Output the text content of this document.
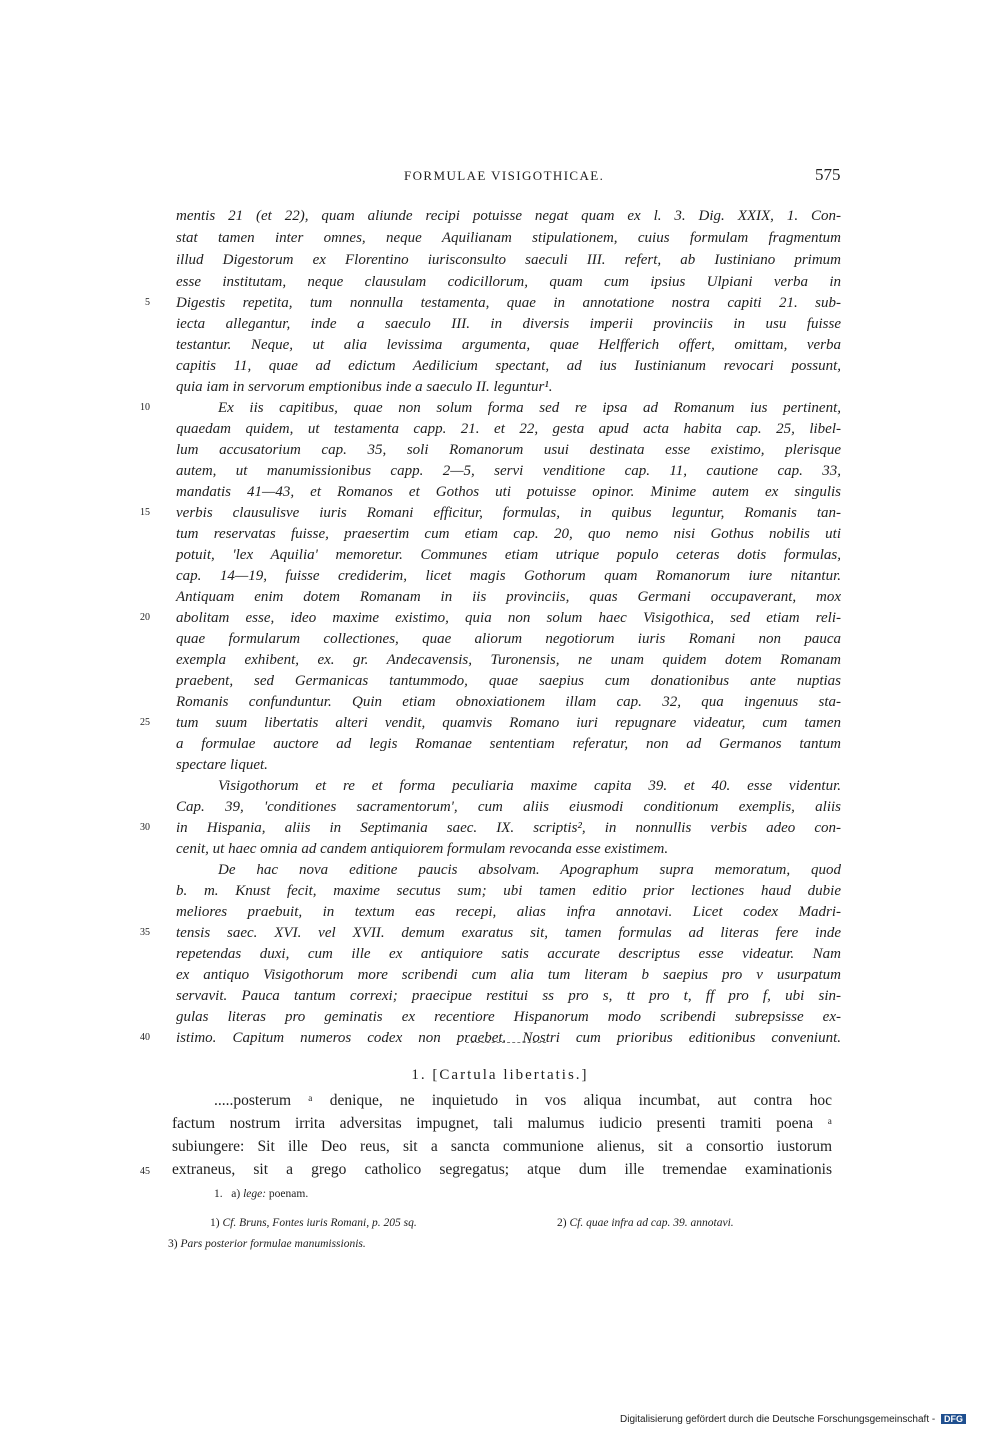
FORMULAE VISIGOTHICAE.	575
mentis 21 (et 22), quam aliunde recipi potuisse negat quam ex l. 3. Dig. XXIX, 1. Con-
stat tamen inter omnes, neque Aquilianam stipulationem, cuius formulam fragmentum
illud Digestorum ex Florentino iurisconsulto saeculi III. refert, ab Iustiniano primum
esse institutam, neque clausulam codicillorum, quam cum ipsius Ulpiani verba in
Digestis repetita, tum nonnulla testamenta, quae in annotatione nostra capiti 21. sub-
iecta allegantur, inde a saeculo III. in diversis imperii provinciis in usu fuisse
testantur. Neque, ut alia levissima argumenta, quae Helfferich offert, omittam, verba
capitis 11, quae ad edictum Aedilicium spectant, ad ius Iustinianum revocari possunt,
quia iam in servorum emptionibus inde a saeculo II. leguntur¹.
Ex iis capitibus, quae non solum forma sed re ipsa ad Romanum ius pertinent,
quaedam quidem, ut testamenta capp. 21. et 22, gesta apud acta habita cap. 25, libel-
lum accusatorium cap. 35, soli Romanorum usui destinata esse existimo, plerisque
autem, ut manumissionibus capp. 2—5, servi venditione cap. 11, cautione cap. 33,
mandatis 41—43, et Romanos et Gothos uti potuisse opinor. Minime autem ex singulis
verbis clausulisve iuris Romani efficitur, formulas, in quibus leguntur, Romanis tan-
tum reservatas fuisse, praesertim cum etiam cap. 20, quo nemo nisi Gothus nobilis uti
potuit, 'lex Aquilia' memoretur. Communes etiam utrique populo ceteras dotis formulas,
cap. 14—19, fuisse crediderim, licet magis Gothorum quam Romanorum iure nitantur.
Antiquam enim dotem Romanam in iis provinciis, quas Germani occupaverant, mox
abolitam esse, ideo maxime existimo, quia non solum haec Visigothica, sed etiam reli-
quae formularum collectiones, quae aliorum negotiorum iuris Romani non pauca
exempla exhibent, ex. gr. Andecavensis, Turonensis, ne unam quidem dotem Romanam
praebent, sed Germanicas tantummodo, quae saepius cum donationibus ante nuptias
Romanis confunduntur. Quin etiam obnoxiationem illam cap. 32, qua ingenuus sta-
tum suum libertatis alteri vendit, quamvis Romano iuri repugnare videatur, cum tamen
a formulae auctore ad legis Romanae sententiam referatur, non ad Germanos tantum
spectare liquet.
Visigothorum et re et forma peculiaria maxime capita 39. et 40. esse videntur.
Cap. 39, 'conditiones sacramentorum', cum aliis eiusmodi conditionum exemplis, aliis
in Hispania, aliis in Septimania saec. IX. scriptis², in nonnullis verbis adeo con-
cenit, ut haec omnia ad candem antiquiorem formulam revocanda esse existimem.
De hac nova editione paucis absolvam. Apographum supra memoratum, quod
b. m. Knust fecit, maxime secutus sum; ubi tamen editio prior lectiones haud dubie
meliores praebuit, in textum eas recepi, alias infra annotavi. Licet codex Madri-
tensis saec. XVI. vel XVII. demum exaratus sit, tamen formulas ad literas fere inde
repetendas duxi, cum ille ex antiquiore satis accurate descriptus esse videatur. Nam
ex antiquo Visigothorum more scribendi cum alia tum literam b saepius pro v usurpatum
servavit. Pauca tantum correxi; praecipue restitui ss pro s, tt pro t, ff pro f, ubi sin-
gulas literas pro geminatis ex recentiore Hispanorum modo scribendi subrepsisse ex-
istimo. Capitum numeros codex non praebet. Nostri cum prioribus editionibus conveniunt.
5
10
15
20
25
30
35
40
45
1. [Cartula libertatis.]
.....posterum ᵃ denique, ne inquietudo in vos aliqua incumbat, aut contra hoc
factum nostrum irrita adversitas impugnet, tali malumus iudicio presenti tramiti poena ᵃ
subiungere: Sit ille Deo reus, sit a sancta communione alienus, sit a consortio iustorum
extraneus, sit a grego catholico segregatus; atque dum ille tremendae examinationis
1. a) lege: poenam.
1) Cf. Bruns, Fontes iuris Romani, p. 205 sq.	2) Cf. quae infra ad cap. 39. annotavi.
3) Pars posterior formulae manumissionis.
Digitalisierung gefördert durch die Deutsche Forschungsgemeinschaft - DFG
